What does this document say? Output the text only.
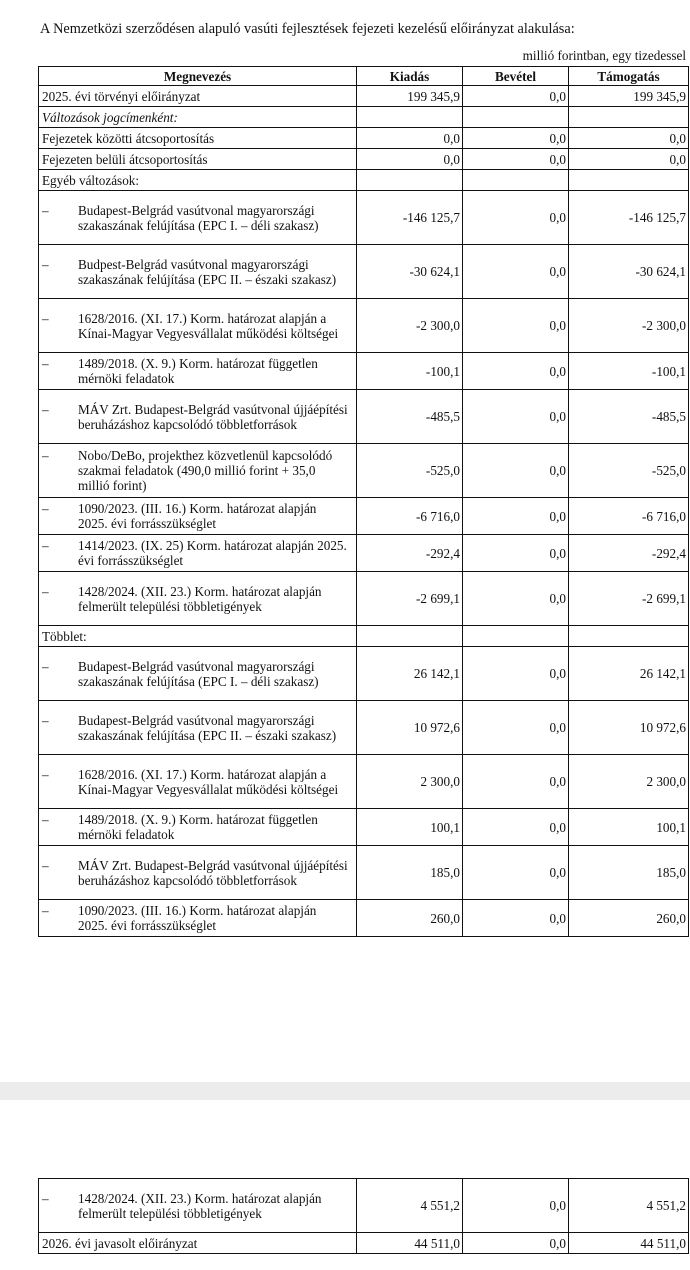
A Nemzetközi szerződésen alapuló vasúti fejlesztések fejezeti kezelésű előirányzat alakulása:
millió forintban, egy tizedessel
Megnevezés	Kiadás	Bevétel	Támogatás
2025. évi törvényi előirányzat	199 345,9	0,0	199 345,9
Változások jogcímenként:			
Fejezetek közötti átcsoportosítás	0,0	0,0	0,0
Fejezeten belüli átcsoportosítás	0,0	0,0	0,0
Egyéb változások:			
– Budapest-Belgrád vasútvonal magyarországi szakaszának felújítása (EPC I. – déli szakasz)	-146 125,7	0,0	-146 125,7
– Budpest-Belgrád vasútvonal magyarországi szakaszának felújítása (EPC II. – északi szakasz)	-30 624,1	0,0	-30 624,1
– 1628/2016. (XI. 17.) Korm. határozat alapján a Kínai-Magyar Vegyesvállalat működési költségei	-2 300,0	0,0	-2 300,0
– 1489/2018. (X. 9.) Korm. határozat független mérnöki feladatok	-100,1	0,0	-100,1
– MÁV Zrt. Budapest-Belgrád vasútvonal újjáépítési beruházáshoz kapcsolódó többletforrások	-485,5	0,0	-485,5
– Nobo/DeBo, projekthez közvetlenül kapcsolódó szakmai feladatok (490,0 millió forint + 35,0 millió forint)	-525,0	0,0	-525,0
– 1090/2023. (III. 16.) Korm. határozat alapján 2025. évi forrásszükséglet	-6 716,0	0,0	-6 716,0
– 1414/2023. (IX. 25) Korm. határozat alapján 2025. évi forrásszükséglet	-292,4	0,0	-292,4
– 1428/2024. (XII. 23.) Korm. határozat alapján felmerült települési többletigények	-2 699,1	0,0	-2 699,1
Többlet:			
– Budapest-Belgrád vasútvonal magyarországi szakaszának felújítása (EPC I. – déli szakasz)	26 142,1	0,0	26 142,1
– Budapest-Belgrád vasútvonal magyarországi szakaszának felújítása (EPC II. – északi szakasz)	10 972,6	0,0	10 972,6
– 1628/2016. (XI. 17.) Korm. határozat alapján a Kínai-Magyar Vegyesvállalat működési költségei	2 300,0	0,0	2 300,0
– 1489/2018. (X. 9.) Korm. határozat független mérnöki feladatok	100,1	0,0	100,1
– MÁV Zrt. Budapest-Belgrád vasútvonal újjáépítési beruházáshoz kapcsolódó többletforrások	185,0	0,0	185,0
– 1090/2023. (III. 16.) Korm. határozat alapján 2025. évi forrásszükséglet	260,0	0,0	260,0
– 1428/2024. (XII. 23.) Korm. határozat alapján felmerült települési többletigények	4 551,2	0,0	4 551,2
2026. évi javasolt előirányzat	44 511,0	0,0	44 511,0
